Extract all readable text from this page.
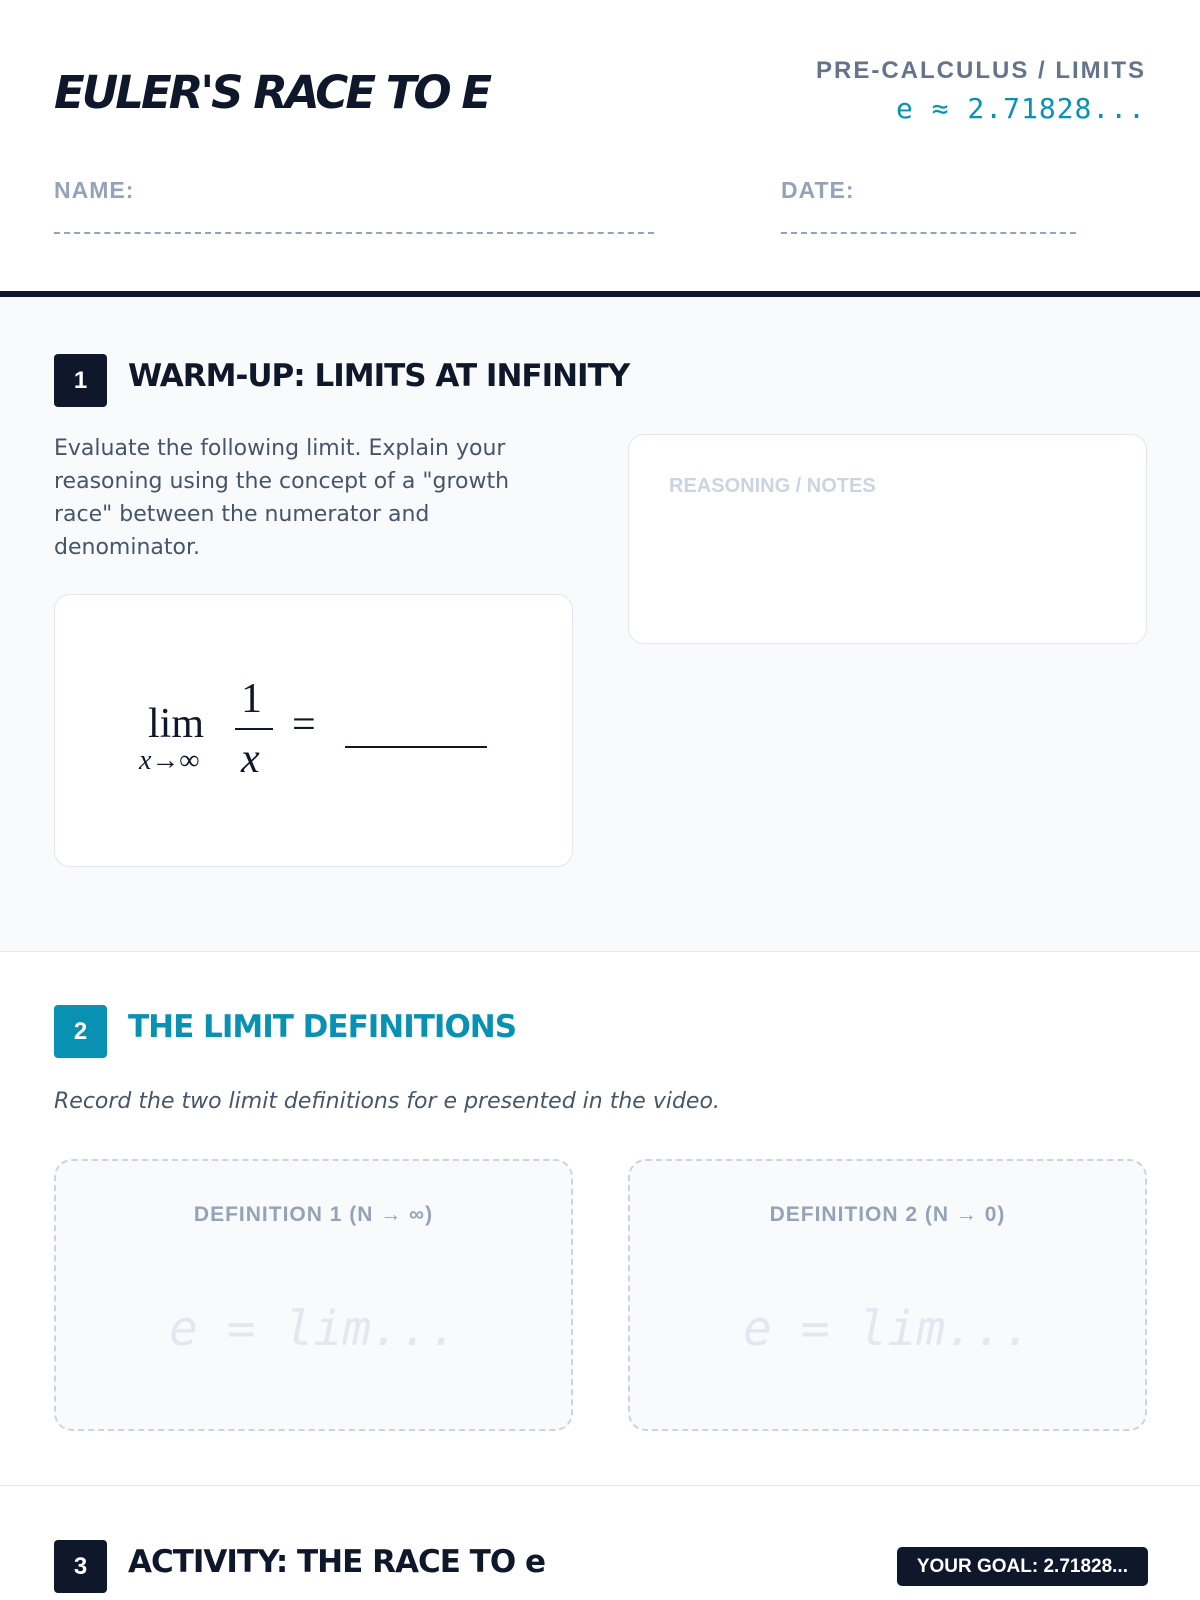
EULER'S RACE TO E	PRE-CALCULUS / LIMITS
e ≈ 2.71828...
NAME:	DATE:
1	WARM-UP: LIMITS AT INFINITY
Evaluate the following limit. Explain your reasoning using the concept of a "growth race" between the numerator and denominator.
lim
x→∞
1
x
=
REASONING / NOTES
2	THE LIMIT DEFINITIONS
Record the two limit definitions for e presented in the video.
DEFINITION 1 (N → ∞)
e = lim...
DEFINITION 2 (N → 0)
e = lim...
3	ACTIVITY: THE RACE TO e	YOUR GOAL: 2.71828...
